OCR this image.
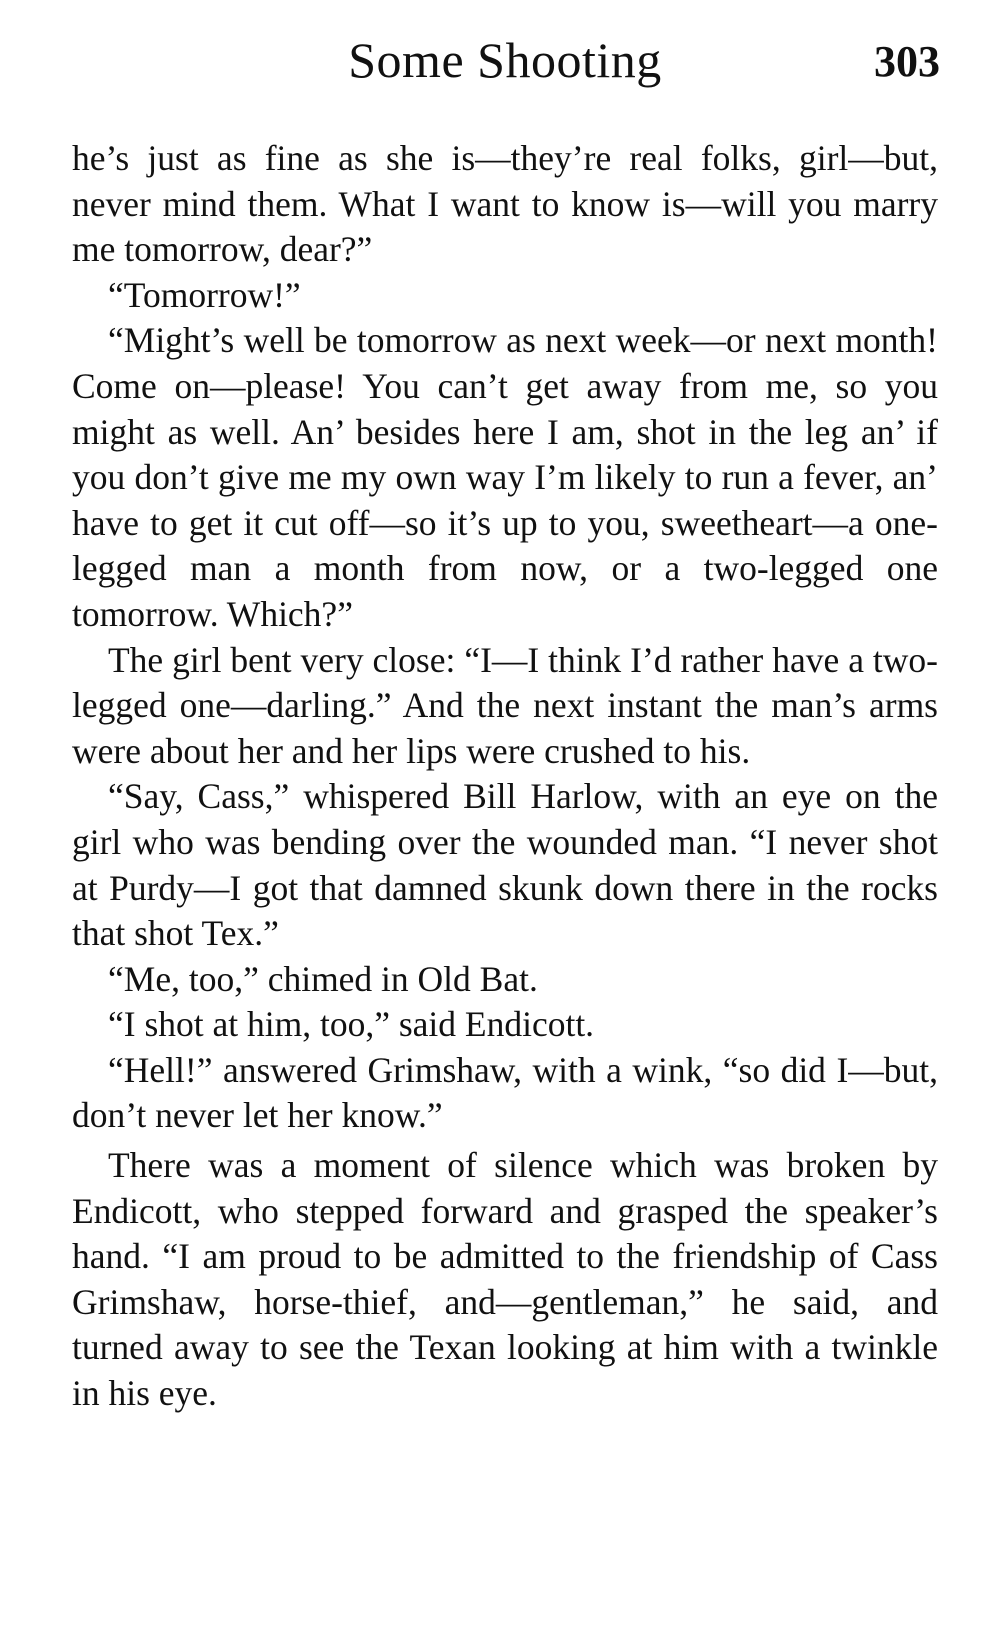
Some Shooting	303

he’s just as fine as she is—they’re real folks, girl—but, never mind them. What I want to know is—will you marry me tomorrow, dear?”

“Tomorrow!”

“Might’s well be tomorrow as next week—or next month! Come on—please! You can’t get away from me, so you might as well. An’ besides here I am, shot in the leg an’ if you don’t give me my own way I’m likely to run a fever, an’ have to get it cut off—so it’s up to you, sweetheart—a one-legged man a month from now, or a two-legged one tomorrow. Which?”

The girl bent very close: “I—I think I’d rather have a two-legged one—darling.” And the next instant the man’s arms were about her and her lips were crushed to his.

“Say, Cass,” whispered Bill Harlow, with an eye on the girl who was bending over the wounded man. “I never shot at Purdy—I got that damned skunk down there in the rocks that shot Tex.”

“Me, too,” chimed in Old Bat.

“I shot at him, too,” said Endicott.

“Hell!” answered Grimshaw, with a wink, “so did I—but, don’t never let her know.”

There was a moment of silence which was broken by Endicott, who stepped forward and grasped the speaker’s hand. “I am proud to be admitted to the friendship of Cass Grimshaw, horse-thief, and—gentleman,” he said, and turned away to see the Texan looking at him with a twinkle in his eye.
